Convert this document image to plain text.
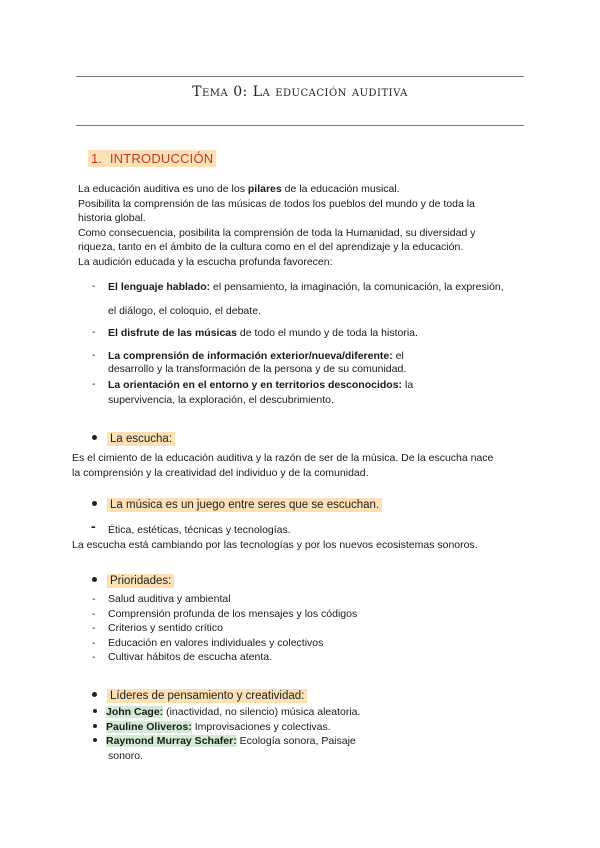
Tema 0: La educación auditiva
1. INTRODUCCIÓN
La educación auditiva es uno de los pilares de la educación musical.
Posibilita la comprensión de las músicas de todos los pueblos del mundo y de toda la
historia global.
Como consecuencia, posibilita la comprensión de toda la Humanidad, su diversidad y
riqueza, tanto en el ámbito de la cultura como en el del aprendizaje y la educación.
La audición educada y la escucha profunda favorecen:
- El lenguaje hablado: el pensamiento, la imaginación, la comunicación, la expresión,
el diálogo, el coloquio, el debate.
- El disfrute de las músicas de todo el mundo y de toda la historia.
- La comprensión de información exterior/nueva/diferente: el
desarrollo y la transformación de la persona y de su comunidad.
- La orientación en el entorno y en territorios desconocidos: la
supervivencia, la exploración, el descubrimiento.
La escucha:
Es el cimiento de la educación auditiva y la razón de ser de la música. De la escucha nace
la comprensión y la creatividad del individuo y de la comunidad.
La música es un juego entre seres que se escuchan.
- Ética, estéticas, técnicas y tecnologías.
La escucha está cambiando por las tecnologías y por los nuevos ecosistemas sonoros.
Prioridades:
- Salud auditiva y ambiental
- Comprensión profunda de los mensajes y los códigos
- Criterios y sentido crítico
- Educación en valores individuales y colectivos
- Cultivar hábitos de escucha atenta.
Líderes de pensamiento y creatividad:
John Cage: (inactividad, no silencio) música aleatoria.
Pauline Oliveros: Improvisaciones y colectivas.
Raymond Murray Schafer: Ecología sonora, Paisaje
sonoro.
